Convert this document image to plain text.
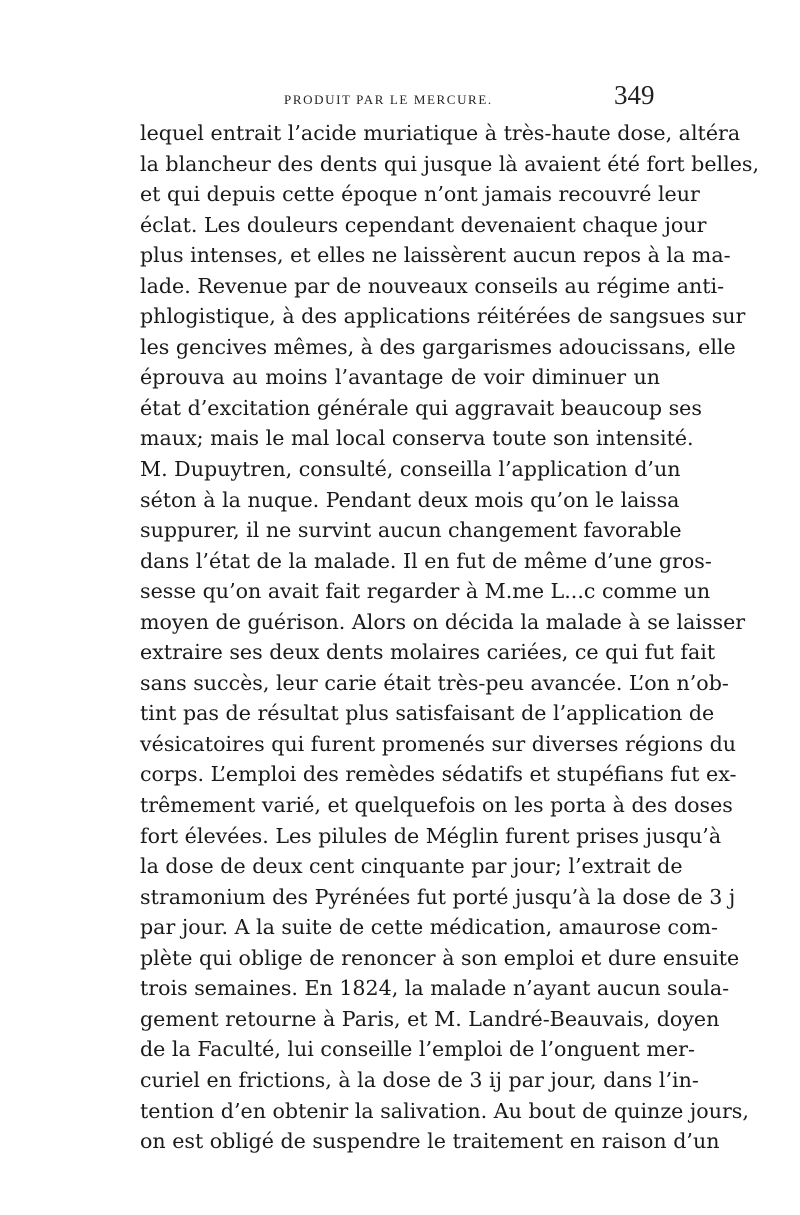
PRODUIT PAR LE MERCURE.	349
lequel entrait l’acide muriatique à très-haute dose, altéra
la blancheur des dents qui jusque là avaient été fort belles,
et qui depuis cette époque n’ont jamais recouvré leur
éclat. Les douleurs cependant devenaient chaque jour
plus intenses, et elles ne laissèrent aucun repos à la ma-
lade. Revenue par de nouveaux conseils au régime anti-
phlogistique, à des applications réitérées de sangsues sur
les gencives mêmes, à des gargarismes adoucissans, elle
éprouva au moins l’avantage de voir diminuer un
état d’excitation générale qui aggravait beaucoup ses
maux; mais le mal local conserva toute son intensité.
M. Dupuytren, consulté, conseilla l’application d’un
séton à la nuque. Pendant deux mois qu’on le laissa
suppurer, il ne survint aucun changement favorable
dans l’état de la malade. Il en fut de même d’une gros-
sesse qu’on avait fait regarder à M.me L...c comme un
moyen de guérison. Alors on décida la malade à se laisser
extraire ses deux dents molaires cariées, ce qui fut fait
sans succès, leur carie était très-peu avancée. L’on n’ob-
tint pas de résultat plus satisfaisant de l’application de
vésicatoires qui furent promenés sur diverses régions du
corps. L’emploi des remèdes sédatifs et stupéfians fut ex-
trêmement varié, et quelquefois on les porta à des doses
fort élevées. Les pilules de Méglin furent prises jusqu’à
la dose de deux cent cinquante par jour; l’extrait de
stramonium des Pyrénées fut porté jusqu’à la dose de 3 j
par jour. A la suite de cette médication, amaurose com-
plète qui oblige de renoncer à son emploi et dure ensuite
trois semaines. En 1824, la malade n’ayant aucun soula-
gement retourne à Paris, et M. Landré-Beauvais, doyen
de la Faculté, lui conseille l’emploi de l’onguent mer-
curiel en frictions, à la dose de 3 ij par jour, dans l’in-
tention d’en obtenir la salivation. Au bout de quinze jours,
on est obligé de suspendre le traitement en raison d’un
